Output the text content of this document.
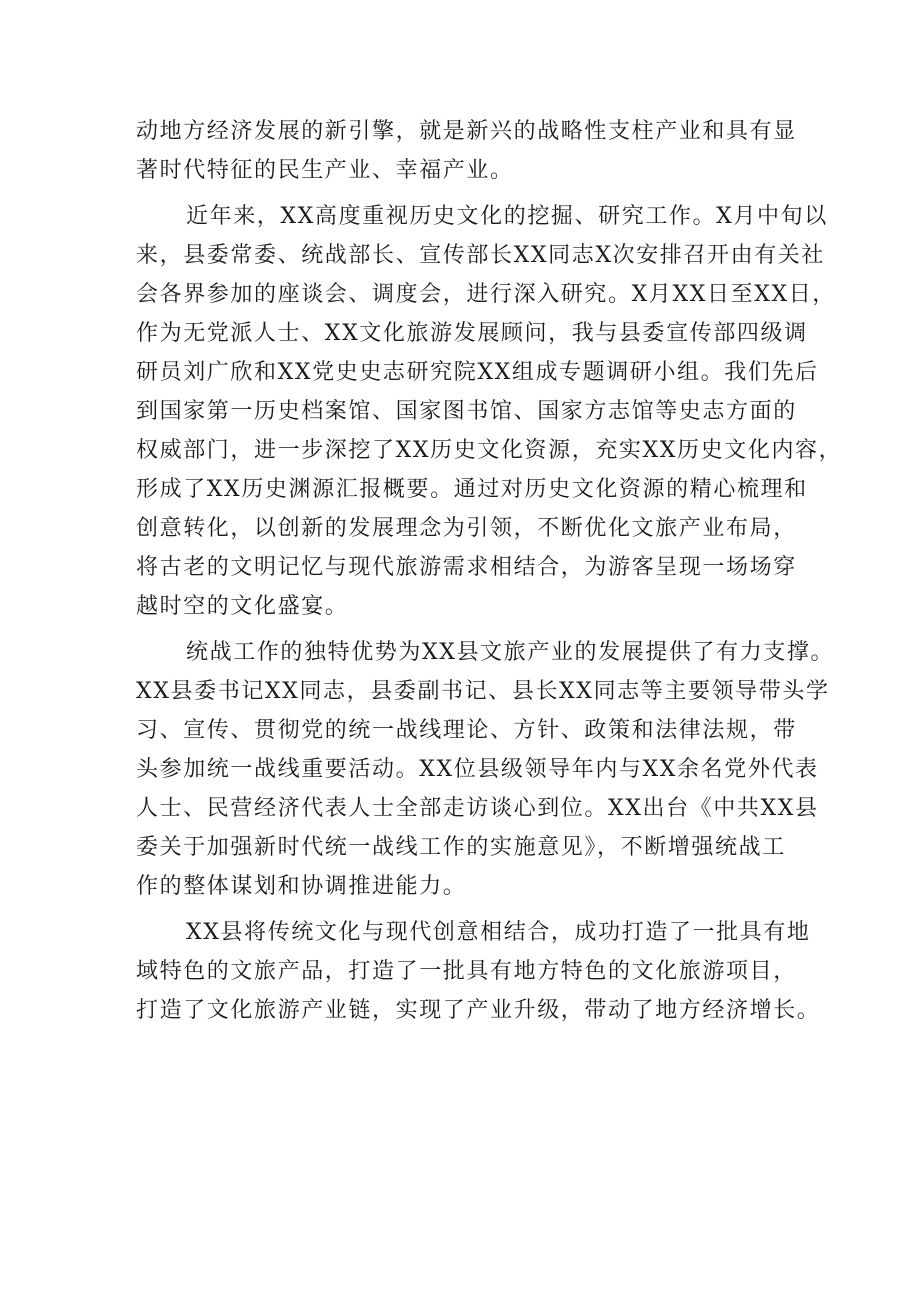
动地方经济发展的新引擎，就是新兴的战略性支柱产业和具有显
著时代特征的民生产业、幸福产业。
近年来，XX高度重视历史文化的挖掘、研究工作。X月中旬以
来，县委常委、统战部长、宣传部长XX同志X次安排召开由有关社
会各界参加的座谈会、调度会，进行深入研究。X月XX日至XX日，
作为无党派人士、XX文化旅游发展顾问，我与县委宣传部四级调
研员刘广欣和XX党史史志研究院XX组成专题调研小组。我们先后
到国家第一历史档案馆、国家图书馆、国家方志馆等史志方面的
权威部门，进一步深挖了XX历史文化资源，充实XX历史文化内容，
形成了XX历史渊源汇报概要。通过对历史文化资源的精心梳理和
创意转化，以创新的发展理念为引领，不断优化文旅产业布局，
将古老的文明记忆与现代旅游需求相结合，为游客呈现一场场穿
越时空的文化盛宴。
统战工作的独特优势为XX县文旅产业的发展提供了有力支撑。
XX县委书记XX同志，县委副书记、县长XX同志等主要领导带头学
习、宣传、贯彻党的统一战线理论、方针、政策和法律法规，带
头参加统一战线重要活动。XX位县级领导年内与XX余名党外代表
人士、民营经济代表人士全部走访谈心到位。XX出台《中共XX县
委关于加强新时代统一战线工作的实施意见》，不断增强统战工
作的整体谋划和协调推进能力。
XX县将传统文化与现代创意相结合，成功打造了一批具有地
域特色的文旅产品，打造了一批具有地方特色的文化旅游项目，
打造了文化旅游产业链，实现了产业升级，带动了地方经济增长。
